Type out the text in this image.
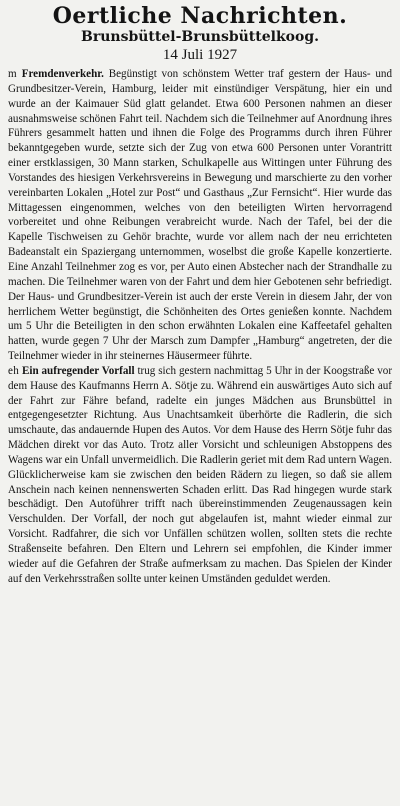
Oertliche Nachrichten.
Brunsbüttel-Brunsbüttelkoog.
14 Juli 1927

m Fremdenverkehr. Begünstigt von schönstem Wetter traf gestern der Haus- und Grundbesitzer-Verein, Hamburg, leider mit einstündiger Verspätung, hier ein und wurde an der Kaimauer Süd glatt gelandet. Etwa 600 Personen nahmen an dieser ausnahmsweise schönen Fahrt teil. Nachdem sich die Teilnehmer auf Anordnung ihres Führers gesammelt hatten und ihnen die Folge des Programms durch ihren Führer bekanntgegeben wurde, setzte sich der Zug von etwa 600 Personen unter Vorantritt einer erstklassigen, 30 Mann starken, Schulkapelle aus Wittingen unter Führung des Vorstandes des hiesigen Verkehrsvereins in Bewegung und marschierte zu den vorher vereinbarten Lokalen „Hotel zur Post“ und Gasthaus „Zur Fernsicht“. Hier wurde das Mittagessen eingenommen, welches von den beteiligten Wirten hervorragend vorbereitet und ohne Reibungen verabreicht wurde. Nach der Tafel, bei der die Kapelle Tischweisen zu Gehör brachte, wurde vor allem nach der neu errichteten Badeanstalt ein Spaziergang unternommen, woselbst die große Kapelle konzertierte. Eine Anzahl Teilnehmer zog es vor, per Auto einen Abstecher nach der Strandhalle zu machen. Die Teilnehmer waren von der Fahrt und dem hier Gebotenen sehr befriedigt. Der Haus- und Grundbesitzer-Verein ist auch der erste Verein in diesem Jahr, der von herrlichem Wetter begünstigt, die Schönheiten des Ortes genießen konnte. Nachdem um 5 Uhr die Beteiligten in den schon erwähnten Lokalen eine Kaffeetafel gehalten hatten, wurde gegen 7 Uhr der Marsch zum Dampfer „Hamburg“ angetreten, der die Teilnehmer wieder in ihr steinernes Häusermeer führte.

eh Ein aufregender Vorfall trug sich gestern nachmittag 5 Uhr in der Koogstraße vor dem Hause des Kaufmanns Herrn A. Sötje zu. Während ein auswärtiges Auto sich auf der Fahrt zur Fähre befand, radelte ein junges Mädchen aus Brunsbüttel in entgegengesetzter Richtung. Aus Unachtsamkeit überhörte die Radlerin, die sich umschaute, das andauernde Hupen des Autos. Vor dem Hause des Herrn Sötje fuhr das Mädchen direkt vor das Auto. Trotz aller Vorsicht und schleunigen Abstoppens des Wagens war ein Unfall unvermeidlich. Die Radlerin geriet mit dem Rad untern Wagen. Glücklicherweise kam sie zwischen den beiden Rädern zu liegen, so daß sie allem Anschein nach keinen nennenswerten Schaden erlitt. Das Rad hingegen wurde stark beschädigt. Den Autoführer trifft nach übereinstimmenden Zeugenaussagen kein Verschulden. Der Vorfall, der noch gut abgelaufen ist, mahnt wieder einmal zur Vorsicht. Radfahrer, die sich vor Unfällen schützen wollen, sollten stets die rechte Straßenseite befahren. Den Eltern und Lehrern sei empfohlen, die Kinder immer wieder auf die Gefahren der Straße aufmerksam zu machen. Das Spielen der Kinder auf den Verkehrsstraßen sollte unter keinen Umständen geduldet werden.
